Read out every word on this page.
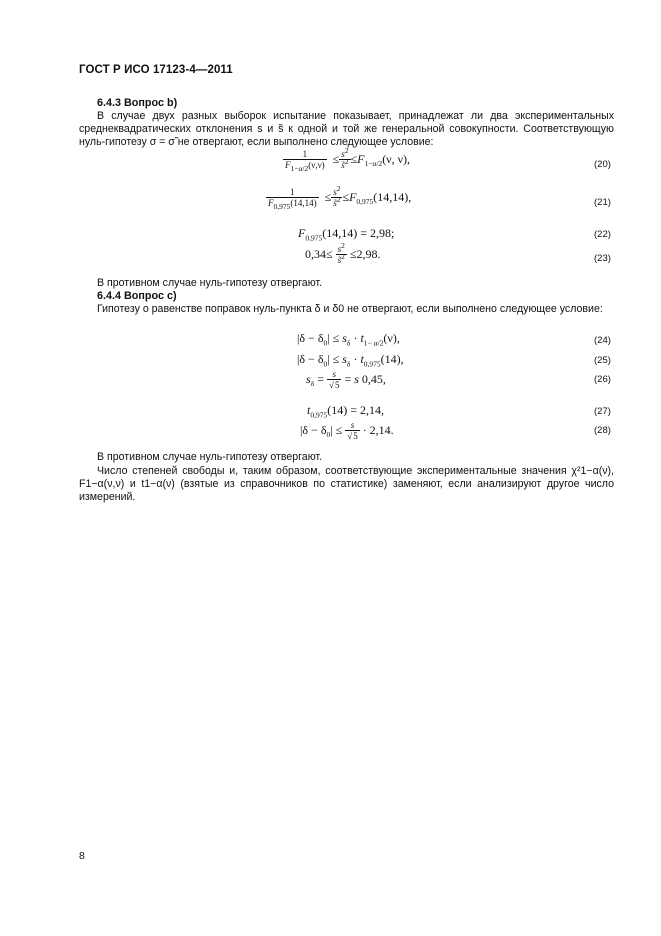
ГОСТ Р ИСО 17123-4—2011
6.4.3 Вопрос b)
В случае двух разных выборок испытание показывает, принадлежат ли два экспериментальных среднеквадратических отклонения s и s̃ к одной и той же генеральной совокупности. Соответствующую нуль-гипотезу σ = σ̃ не отвергают, если выполнено следующее условие:
$\frac{1}{F_{1-\alpha/2}(\nu,\nu)} \le \frac{s^2}{s̃^2} \le F_{1-\alpha/2}(\nu$, ν),	(20)
$\frac{1}{F_{0,975}(14,14)} \le \frac{s^2}{s̃^2} \le F_{0,975}(14,14)$,	(21)
$F_{0,975}(14,14) = 2,98$;	(22)
$0,34\le \frac{s^2}{s̃^2} \le 2,98$.	(23)
В противном случае нуль-гипотезу отвергают.
6.4.4 Вопрос с)
Гипотезу о равенстве поправок нуль-пункта δ и δ0 не отвергают, если выполнено следующее условие:
$|\delta - \delta_0| \le s_\delta \cdot t_{1- \alpha/2}(\nu)$,	(24)
$|\delta - \delta_0| \le s_\delta \cdot t_{0,975}(14)$,	(25)
$s_\delta = \frac{s}{√5} = s$ 0,45,	(26)
$t_{0,975}(14) = 2,14$,	(27)
$|\delta - \delta_0| \le \frac{s}{√5} \cdot 2,14$.	(28)
В противном случае нуль-гипотезу отвергают.
Число степеней свободы и, таким образом, соответствующие экспериментальные значения χ²1−α(ν), F1−α(ν,ν) и t1−α(ν) (взятые из справочников по статистике) заменяют, если анализируют другое число измерений.
8
